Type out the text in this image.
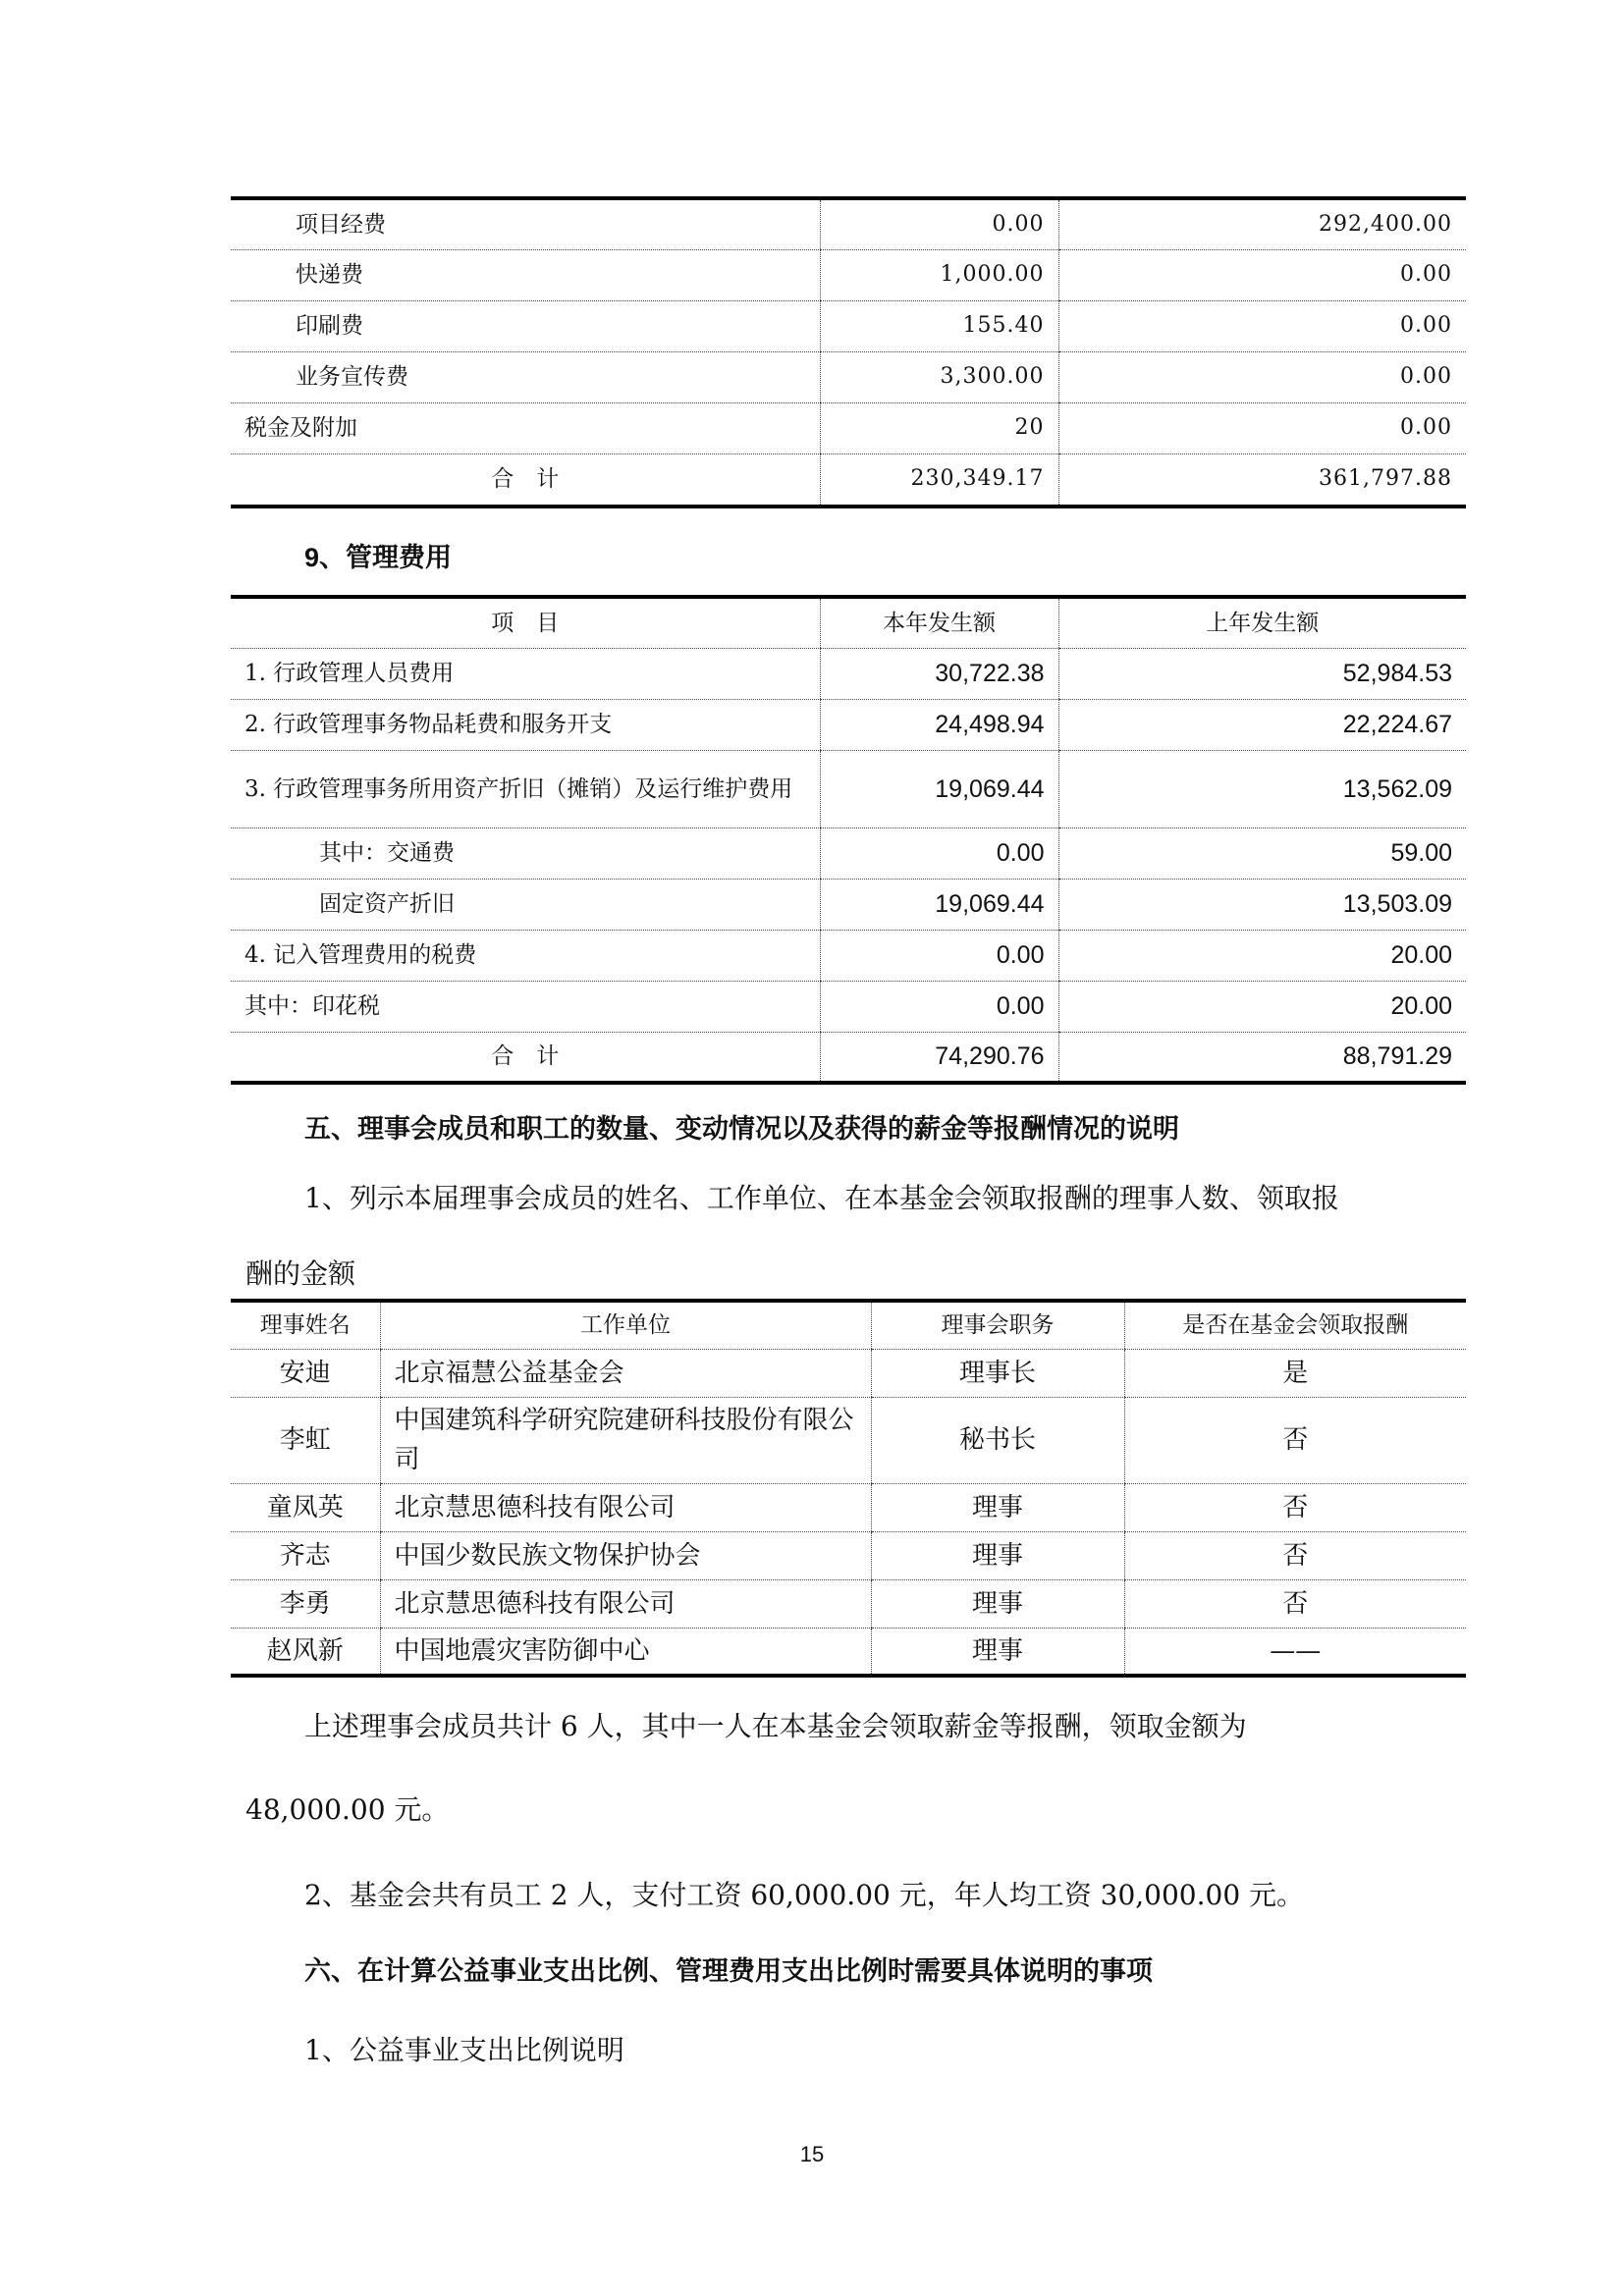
项目经费	0.00	292,400.00
快递费	1,000.00	0.00
印刷费	155.40	0.00
业务宣传费	3,300.00	0.00
税金及附加	20	0.00
合　计	230,349.17	361,797.88
9、管理费用
项　目	本年发生额	上年发生额
1. 行政管理人员费用	30,722.38	52,984.53
2. 行政管理事务物品耗费和服务开支	24,498.94	22,224.67
3. 行政管理事务所用资产折旧（摊销）及运行维护费用	19,069.44	13,562.09
其中：交通费	0.00	59.00
固定资产折旧	19,069.44	13,503.09
4. 记入管理费用的税费	0.00	20.00
其中：印花税	0.00	20.00
合　计	74,290.76	88,791.29
五、理事会成员和职工的数量、变动情况以及获得的薪金等报酬情况的说明
1、列示本届理事会成员的姓名、工作单位、在本基金会领取报酬的理事人数、领取报
酬的金额
理事姓名	工作单位	理事会职务	是否在基金会领取报酬
安迪	北京福慧公益基金会	理事长	是
李虹	中国建筑科学研究院建研科技股份有限公司	秘书长	否
童凤英	北京慧思德科技有限公司	理事	否
齐志	中国少数民族文物保护协会	理事	否
李勇	北京慧思德科技有限公司	理事	否
赵风新	中国地震灾害防御中心	理事	——
上述理事会成员共计 6 人，其中一人在本基金会领取薪金等报酬，领取金额为
48,000.00 元。
2、基金会共有员工 2 人，支付工资 60,000.00 元，年人均工资 30,000.00 元。
六、在计算公益事业支出比例、管理费用支出比例时需要具体说明的事项
1、公益事业支出比例说明
15
